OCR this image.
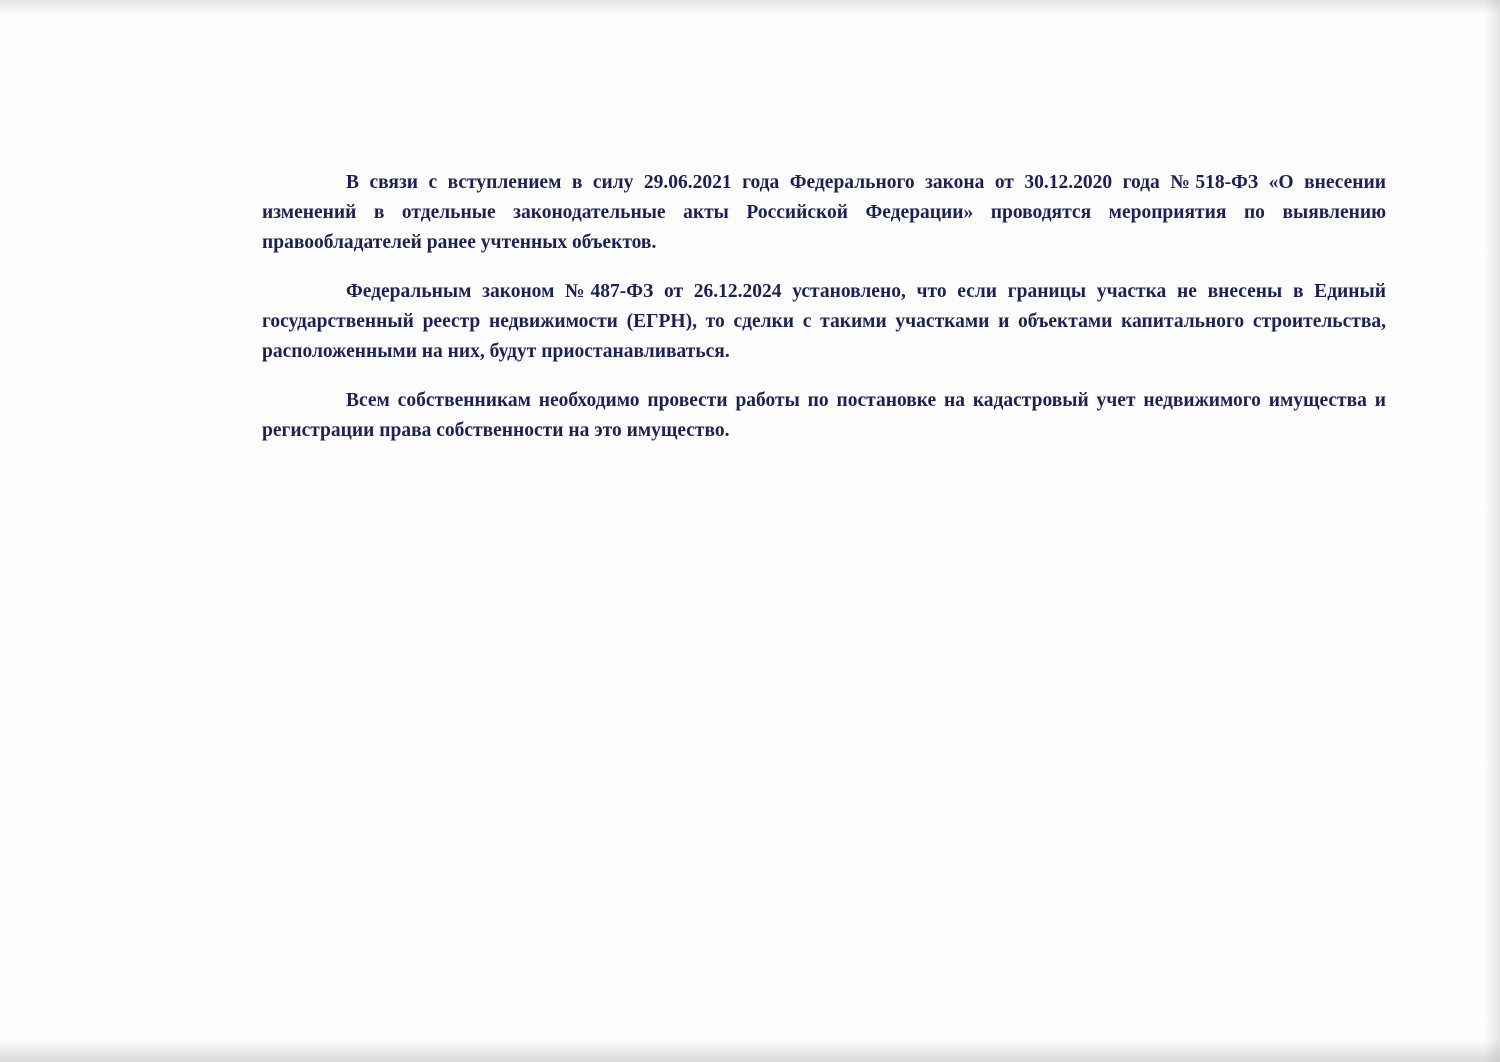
В связи с вступлением в силу 29.06.2021 года Федерального закона от 30.12.2020 года №518-ФЗ «О внесении изменений в отдельные законодательные акты Российской Федерации» проводятся мероприятия по выявлению правообладателей ранее учтенных объектов.

Федеральным законом №487-ФЗ от 26.12.2024 установлено, что если границы участка не внесены в Единый государственный реестр недвижимости (ЕГРН), то сделки с такими участками и объектами капитального строительства, расположенными на них, будут приостанавливаться.

Всем собственникам необходимо провести работы по постановке на кадастровый учет недвижимого имущества и регистрации права собственности на это имущество.
